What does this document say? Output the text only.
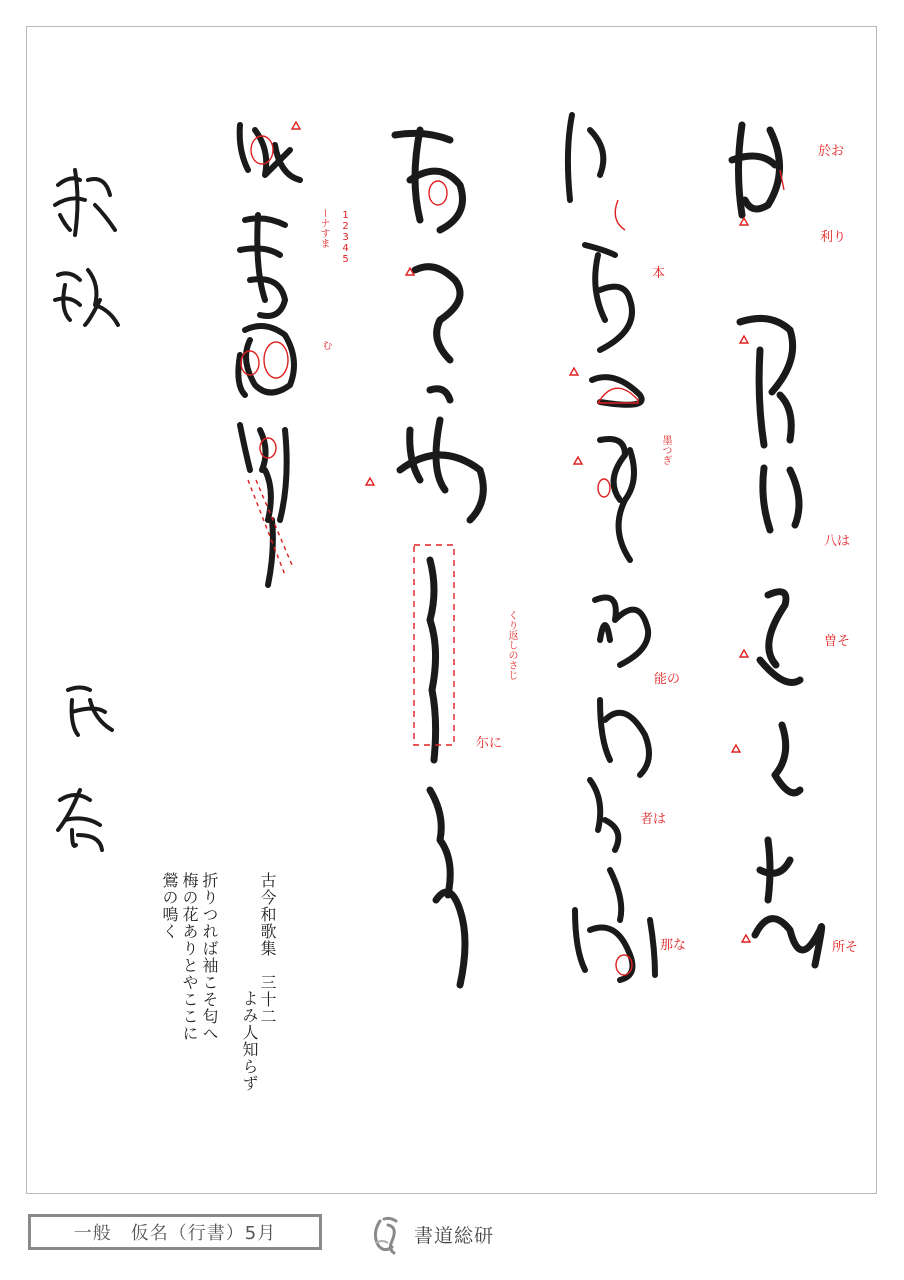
於お
利り
八は
曽そ
所そ
本
墨つぎ
能の
者は
那な
くり返しのさじ
尓に
12345
ーナすま
む
古今和歌集　三十二
よみ人知らず
折りつれば袖こそ匂へ
梅の花ありとやここに
鶯の鳴く
一般　仮名（行書）5月	書道総研
